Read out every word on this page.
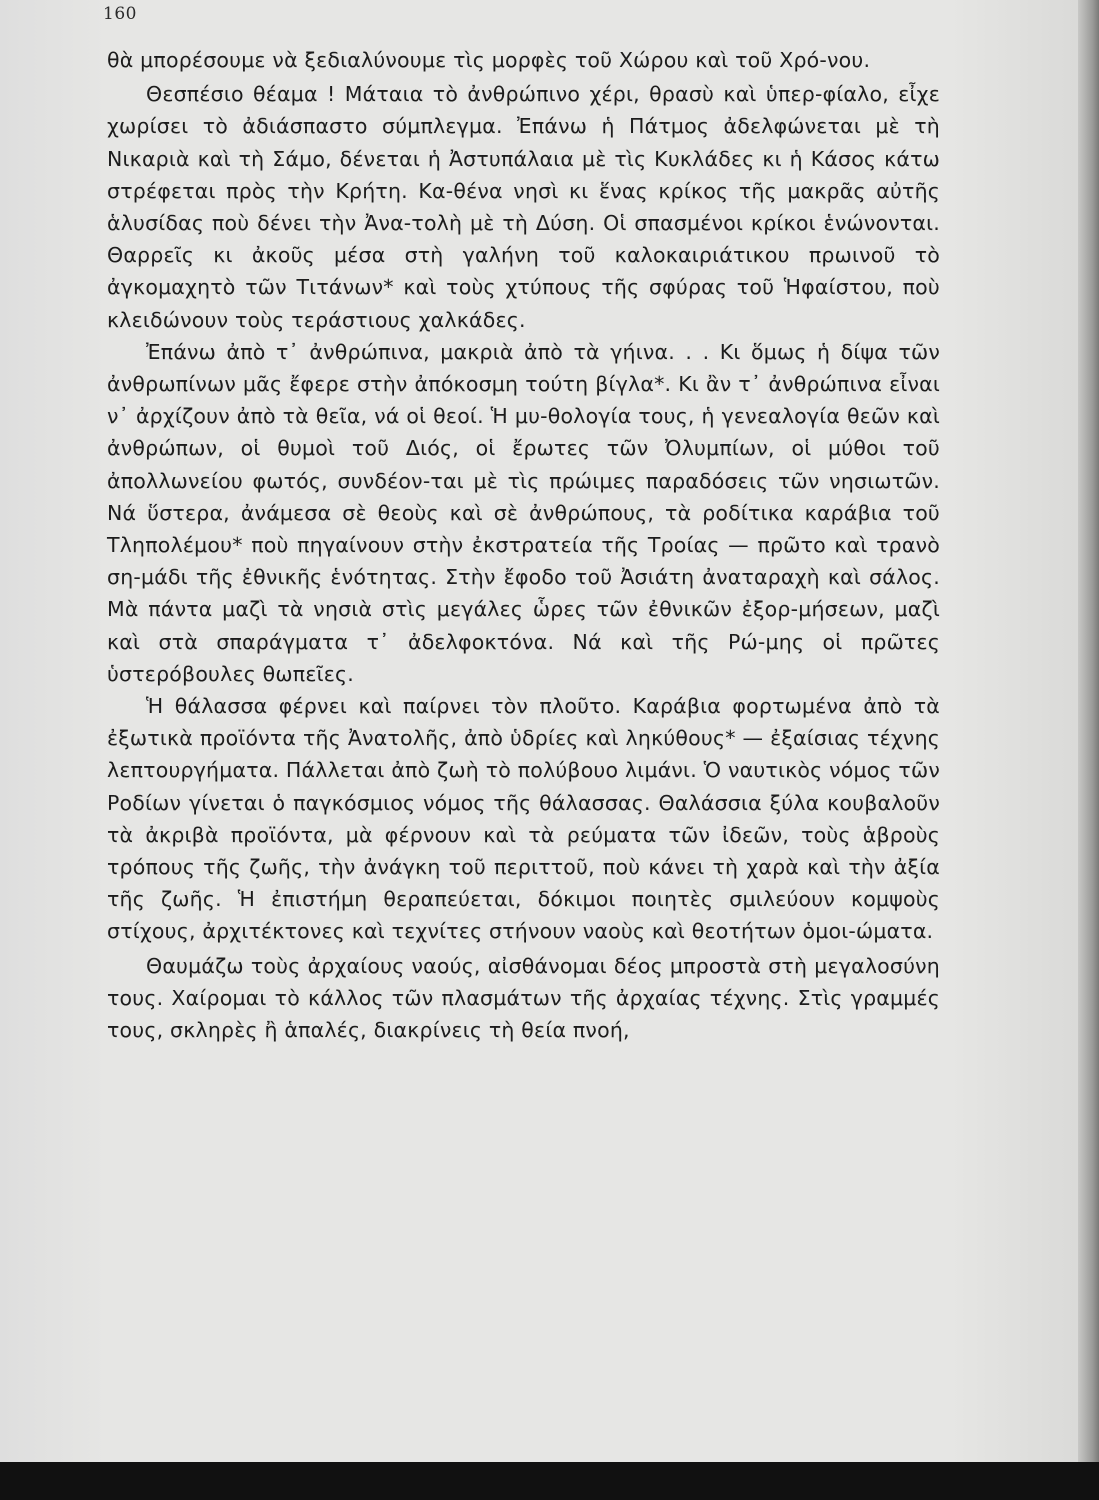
160

θὰ μπορέσουμε νὰ ξεδιαλύνουμε τὶς μορφὲς τοῦ Χώρου καὶ τοῦ Χρό-νου.

Θεσπέσιο θέαμα ! Μάταια τὸ ἀνθρώπινο χέρι, θρασὺ καὶ ὑπερ-φίαλο, εἶχε χωρίσει τὸ ἀδιάσπαστο σύμπλεγμα. Ἐπάνω ἡ Πάτμος ἀδελφώνεται μὲ τὴ Νικαριὰ καὶ τὴ Σάμο, δένεται ἡ Ἀστυπάλαια μὲ τὶς Κυκλάδες κι ἡ Κάσος κάτω στρέφεται πρὸς τὴν Κρήτη. Κα-θένα νησὶ κι ἕνας κρίκος τῆς μακρᾶς αὐτῆς ἁλυσίδας ποὺ δένει τὴν Ἀνα-τολὴ μὲ τὴ Δύση. Οἱ σπασμένοι κρίκοι ἑνώνονται. Θαρρεῖς κι ἀκοῦς μέσα στὴ γαλήνη τοῦ καλοκαιριάτικου πρωινοῦ τὸ ἀγκομαχητὸ τῶν Τιτάνων* καὶ τοὺς χτύπους τῆς σφύρας τοῦ Ἡφαίστου, ποὺ κλειδώνουν τοὺς τεράστιους χαλκάδες.

Ἐπάνω ἀπὸ τ᾽ ἀνθρώπινα, μακριὰ ἀπὸ τὰ γήινα. . . Κι ὅμως ἡ δίψα τῶν ἀνθρωπίνων μᾶς ἔφερε στὴν ἀπόκοσμη τούτη βίγλα*. Κι ἂν τ᾽ ἀνθρώπινα εἶναι ν᾽ ἀρχίζουν ἀπὸ τὰ θεῖα, νά οἱ θεοί. Ἡ μυ-θολογία τους, ἡ γενεαλογία θεῶν καὶ ἀνθρώπων, οἱ θυμοὶ τοῦ Διός, οἱ ἔρωτες τῶν Ὀλυμπίων, οἱ μύθοι τοῦ ἀπολλωνείου φωτός, συνδέον-ται μὲ τὶς πρώιμες παραδόσεις τῶν νησιωτῶν. Νά ὕστερα, ἀνάμεσα σὲ θεοὺς καὶ σὲ ἀνθρώπους, τὰ ροδίτικα καράβια τοῦ Τληπολέμου* ποὺ πηγαίνουν στὴν ἐκστρατεία τῆς Τροίας — πρῶτο καὶ τρανὸ ση-μάδι τῆς ἐθνικῆς ἑνότητας. Στὴν ἔφοδο τοῦ Ἀσιάτη ἀναταραχὴ καὶ σάλος. Μὰ πάντα μαζὶ τὰ νησιὰ στὶς μεγάλες ὧρες τῶν ἐθνικῶν ἐξορ-μήσεων, μαζὶ καὶ στὰ σπαράγματα τ᾽ ἀδελφοκτόνα. Νά καὶ τῆς Ρώ-μης οἱ πρῶτες ὑστερόβουλες θωπεῖες.

Ἡ θάλασσα φέρνει καὶ παίρνει τὸν πλοῦτο. Καράβια φορτωμένα ἀπὸ τὰ ἐξωτικὰ προϊόντα τῆς Ἀνατολῆς, ἀπὸ ὑδρίες καὶ ληκύθους* — ἐξαίσιας τέχνης λεπτουργήματα. Πάλλεται ἀπὸ ζωὴ τὸ πολύβουο λιμάνι. Ὁ ναυτικὸς νόμος τῶν Ροδίων γίνεται ὁ παγκόσμιος νόμος τῆς θάλασσας. Θαλάσσια ξύλα κουβαλοῦν τὰ ἀκριβὰ προϊόντα, μὰ φέρνουν καὶ τὰ ρεύματα τῶν ἰδεῶν, τοὺς ἁβροὺς τρόπους τῆς ζωῆς, τὴν ἀνάγκη τοῦ περιττοῦ, ποὺ κάνει τὴ χαρὰ καὶ τὴν ἀξία τῆς ζωῆς. Ἡ ἐπιστήμη θεραπεύεται, δόκιμοι ποιητὲς σμιλεύουν κομψοὺς στίχους, ἀρχιτέκτονες καὶ τεχνίτες στήνουν ναοὺς καὶ θεοτήτων ὁμοι-ώματα.

Θαυμάζω τοὺς ἀρχαίους ναούς, αἰσθάνομαι δέος μπροστὰ στὴ μεγαλοσύνη τους. Χαίρομαι τὸ κάλλος τῶν πλασμάτων τῆς ἀρχαίας τέχνης. Στὶς γραμμές τους, σκληρὲς ἢ ἁπαλές, διακρίνεις τὴ θεία πνοή,
